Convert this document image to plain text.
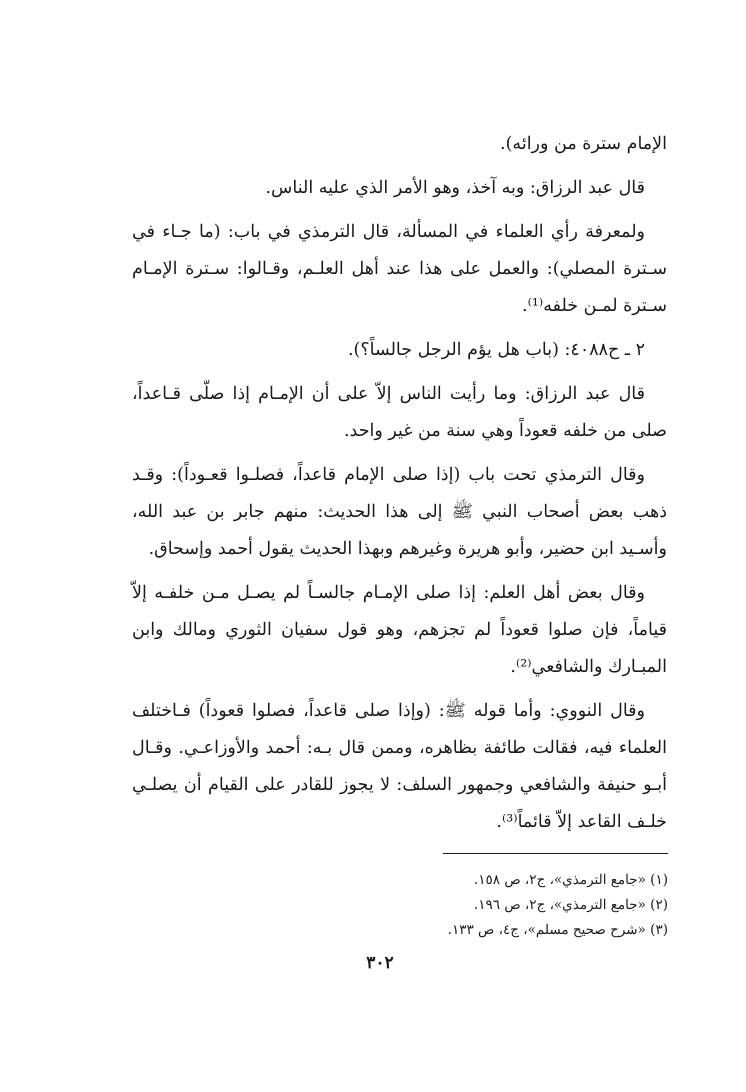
الإمام سترة من ورائه).

قال عبد الرزاق: وبه آخذ، وهو الأمر الذي عليه الناس.

ولمعرفة رأي العلماء في المسألة، قال الترمذي في باب: (ما جـاء في سـترة المصلي): والعمل على هذا عند أهل العلـم، وقـالوا: سـترة الإمـام سـترة لمـن خلفه⁽¹⁾.

٢ ـ ح٤٠٨٨: (باب هل يؤم الرجل جالساً؟).

قال عبد الرزاق: وما رأيت الناس إلاّ على أن الإمـام إذا صلّى قـاعداً، صلى من خلفه قعوداً وهي سنة من غير واحد.

وقال الترمذي تحت باب (إذا صلى الإمام قاعداً، فصلـوا قعـوداً): وقـد ذهب بعض أصحاب النبي ﷺ إلى هذا الحديث: منهم جابر بن عبد الله، وأسـيد ابن حضير، وأبو هريرة وغيرهم وبهذا الحديث يقول أحمد وإسحاق.

وقال بعض أهل العلم: إذا صلى الإمـام جالسـاً لم يصـل مـن خلفـه إلاّ قياماً، فإن صلوا قعوداً لم تجزهم، وهو قول سفيان الثوري ومالك وابن المبـارك والشافعي⁽²⁾.

وقال النووي: وأما قوله ﷺ: (وإذا صلى قاعداً، فصلوا قعوداً) فـاختلف العلماء فيه، فقالت طائفة بظاهره، وممن قال بـه: أحمد والأوزاعـي. وقـال أبـو حنيفة والشافعي وجمهور السلف: لا يجوز للقادر على القيام أن يصلـي خلـف القاعد إلاّ قائماً⁽³⁾.

(١) «جامع الترمذي»، ج٢، ص ١٥٨.

(٢) «جامع الترمذي»، ج٢، ص ١٩٦.

(٣) «شرح صحيح مسلم»، ج٤، ص ١٣٣.

٣٠٢
